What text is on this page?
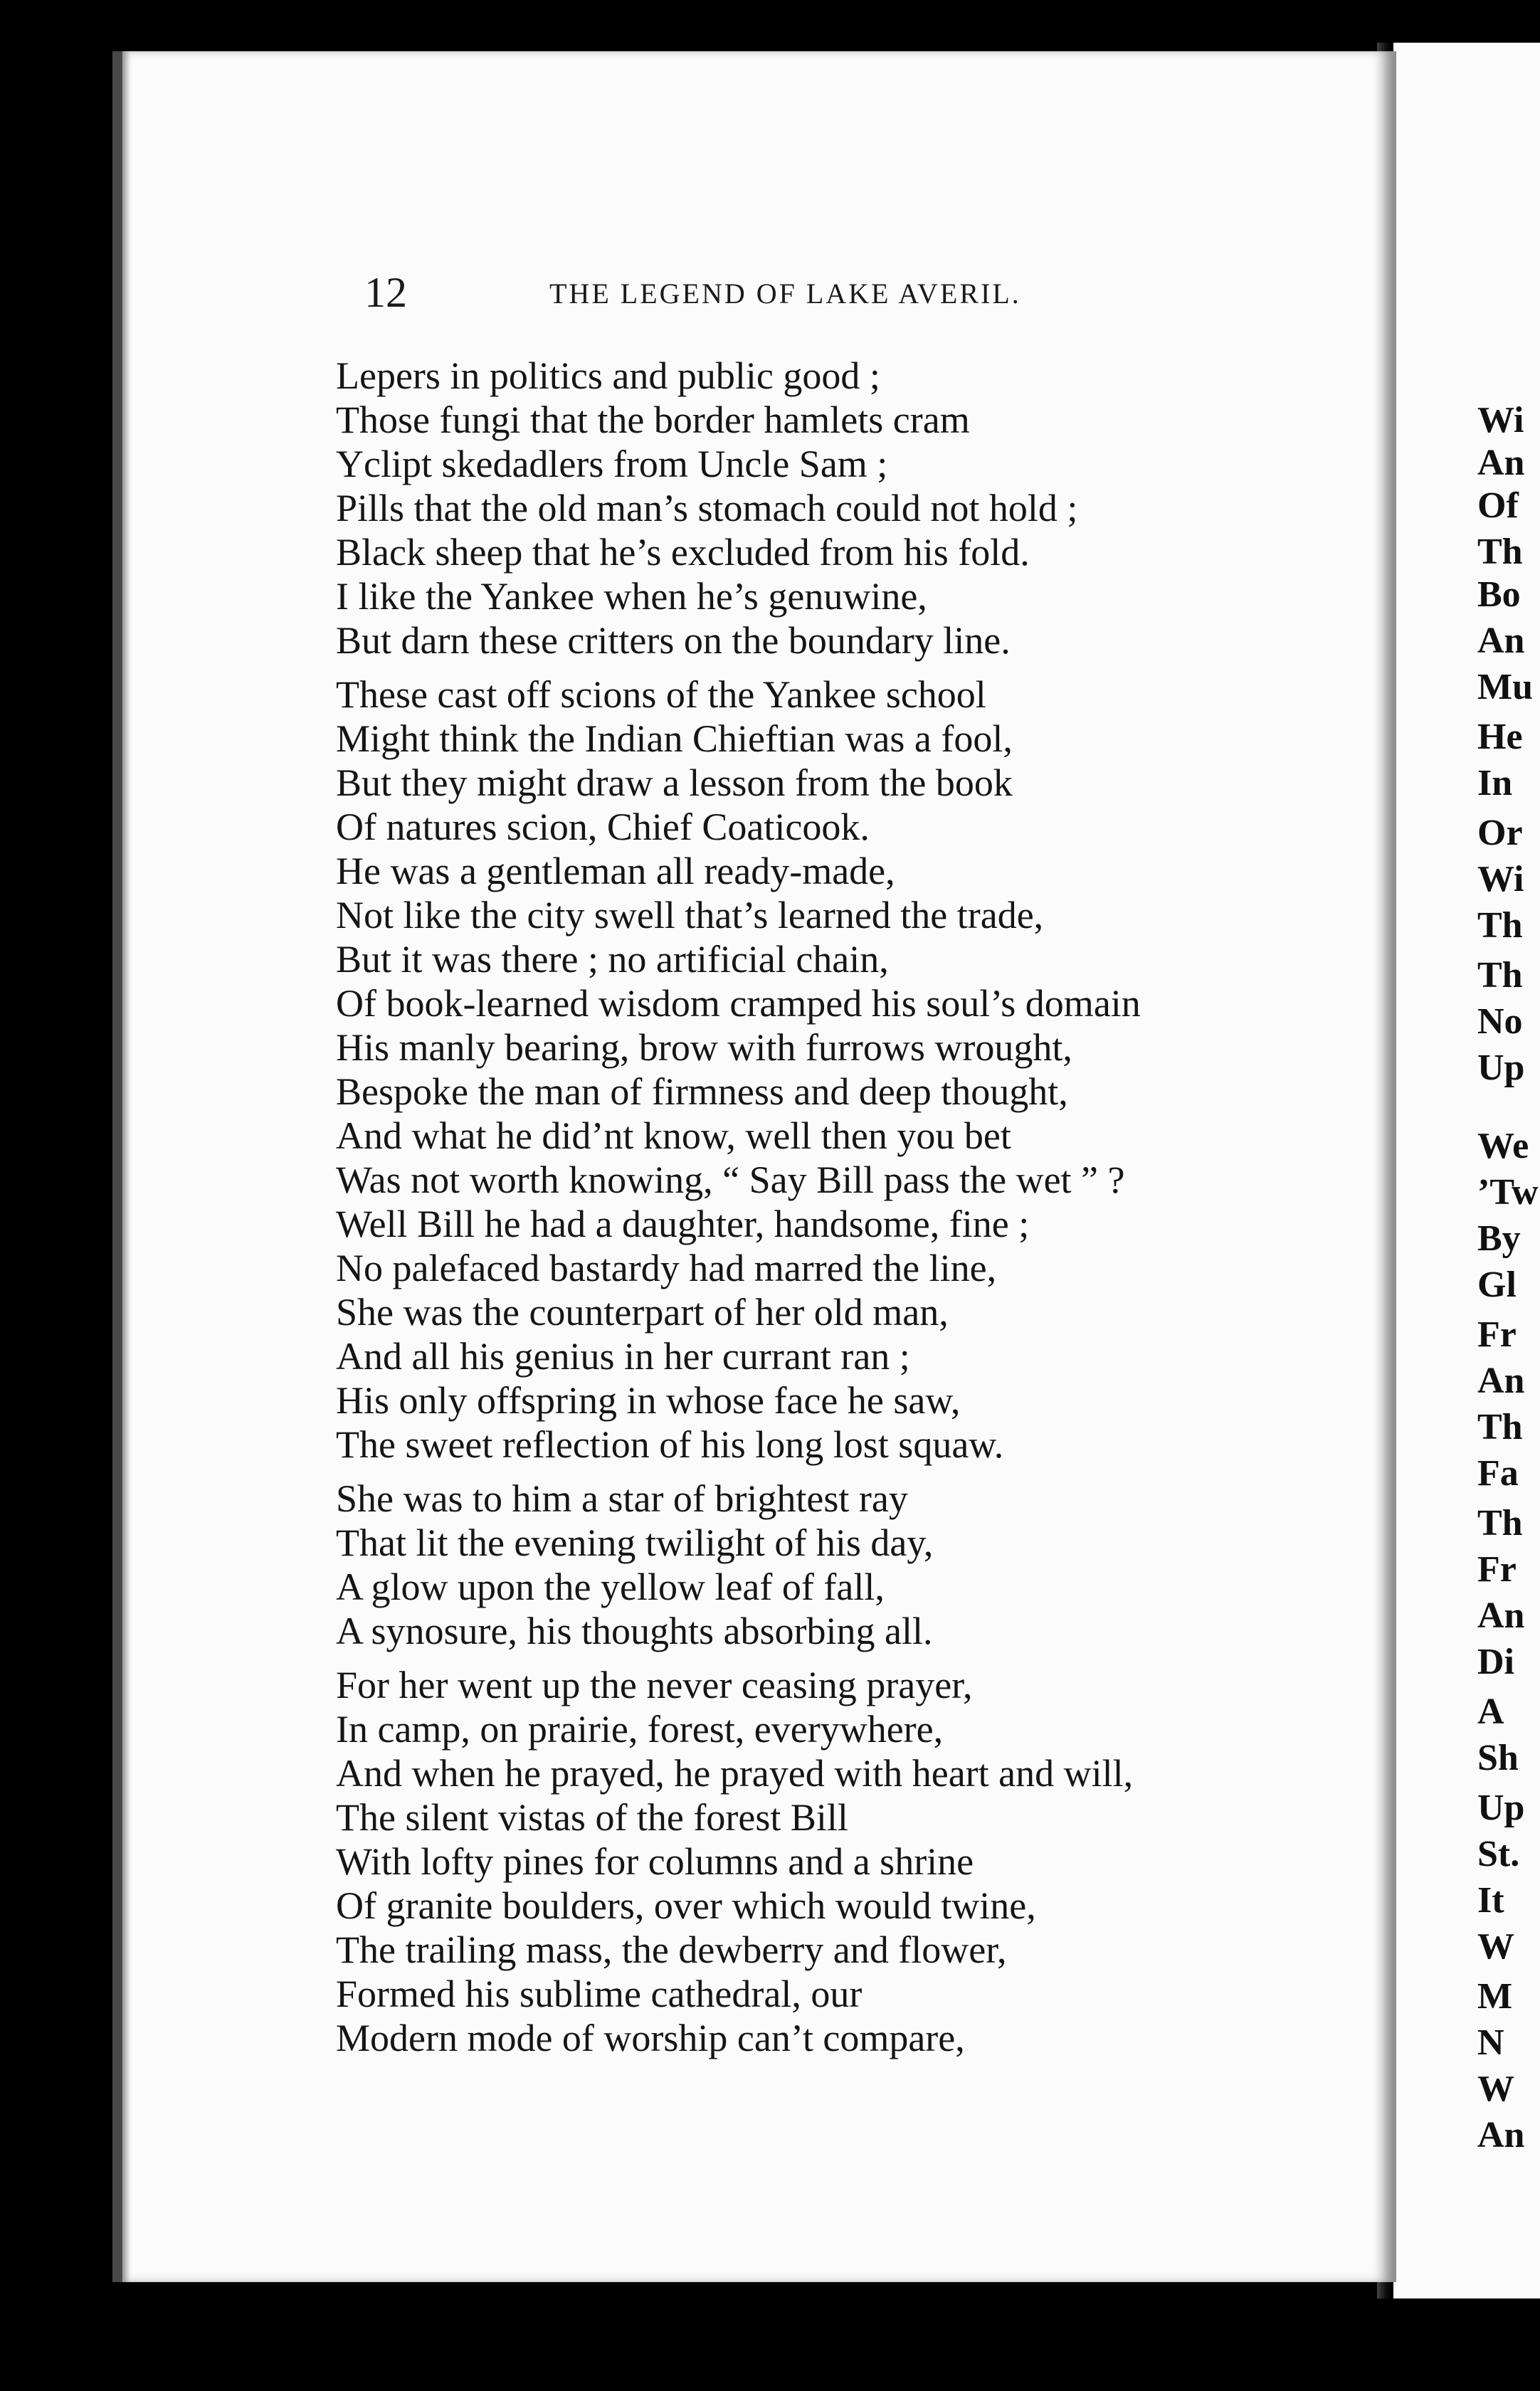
Wi
An
Of
Th
Bo
An
Mu
He
In
Or
Wi
Th
Th
No
Up
We
’Tw
By
Gl
Fr
An
Th
Fa
Th
Fr
An
Di
A
Sh
Up
St.
It
W
M
N
W
An
12	THE LEGEND OF LAKE AVERIL.
Lepers in politics and public good ;
Those fungi that the border hamlets cram
Yclipt skedadlers from Uncle Sam ;
Pills that the old man’s stomach could not hold ;
Black sheep that he’s excluded from his fold.
I like the Yankee when he’s genuwine,
But darn these critters on the boundary line.
These cast off scions of the Yankee school
Might think the Indian Chieftian was a fool,
But they might draw a lesson from the book
Of natures scion, Chief Coaticook.
He was a gentleman all ready-made,
Not like the city swell that’s learned the trade,
But it was there ; no artificial chain,
Of book-learned wisdom cramped his soul’s domain
His manly bearing, brow with furrows wrought,
Bespoke the man of firmness and deep thought,
And what he did’nt know, well then you bet
Was not worth knowing, “ Say Bill pass the wet ” ?
Well Bill he had a daughter, handsome, fine ;
No palefaced bastardy had marred the line,
She was the counterpart of her old man,
And all his genius in her currant ran ;
His only offspring in whose face he saw,
The sweet reflection of his long lost squaw.
She was to him a star of brightest ray
That lit the evening twilight of his day,
A glow upon the yellow leaf of fall,
A synosure, his thoughts absorbing all.
For her went up the never ceasing prayer,
In camp, on prairie, forest, everywhere,
And when he prayed, he prayed with heart and will,
The silent vistas of the forest Bill
With lofty pines for columns and a shrine
Of granite boulders, over which would twine,
The trailing mass, the dewberry and flower,
Formed his sublime cathedral, our
Modern mode of worship can’t compare,
